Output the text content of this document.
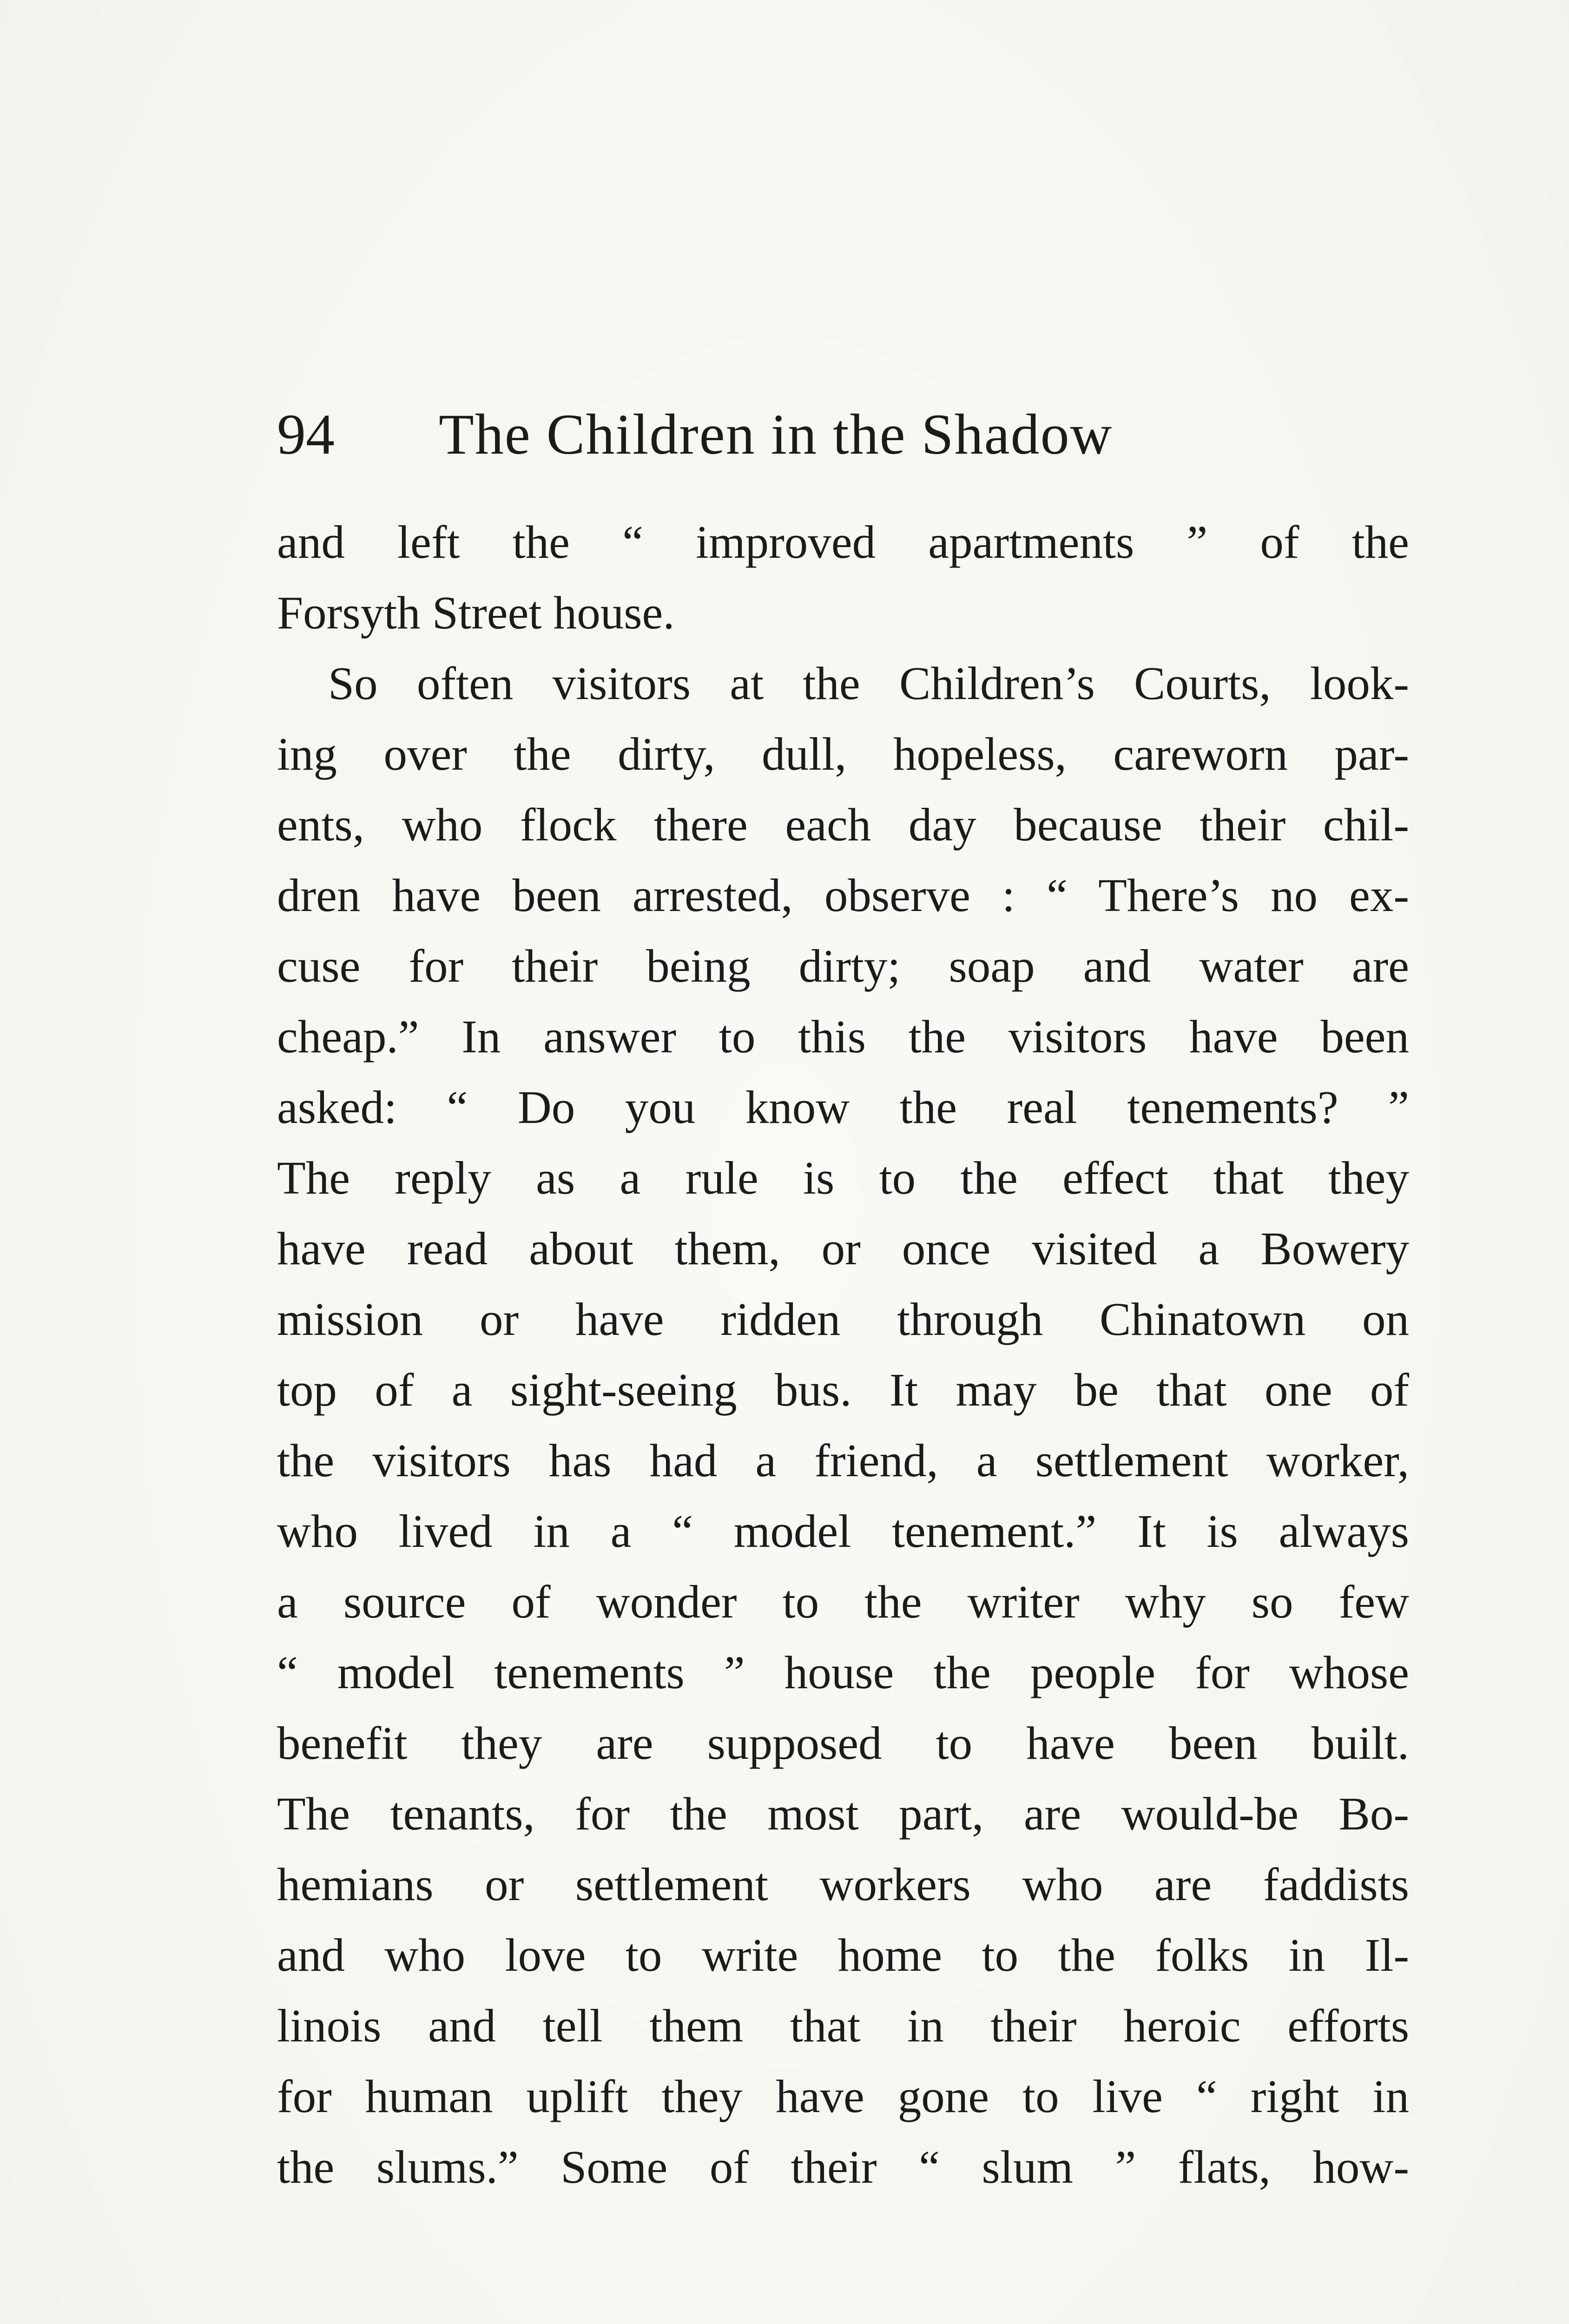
94 The Children in the Shadow
and left the “ improved apartments ” of the
Forsyth Street house.
So often visitors at the Children’s Courts, look-
ing over the dirty, dull, hopeless, careworn par-
ents, who flock there each day because their chil-
dren have been arrested, observe : “ There’s no ex-
cuse for their being dirty; soap and water are
cheap.” In answer to this the visitors have been
asked: “ Do you know the real tenements? ”
The reply as a rule is to the effect that they
have read about them, or once visited a Bowery
mission or have ridden through Chinatown on
top of a sight-seeing bus. It may be that one of
the visitors has had a friend, a settlement worker,
who lived in a “ model tenement.” It is always
a source of wonder to the writer why so few
“ model tenements ” house the people for whose
benefit they are supposed to have been built.
The tenants, for the most part, are would-be Bo-
hemians or settlement workers who are faddists
and who love to write home to the folks in Il-
linois and tell them that in their heroic efforts
for human uplift they have gone to live “ right in
the slums.” Some of their “ slum ” flats, how-
